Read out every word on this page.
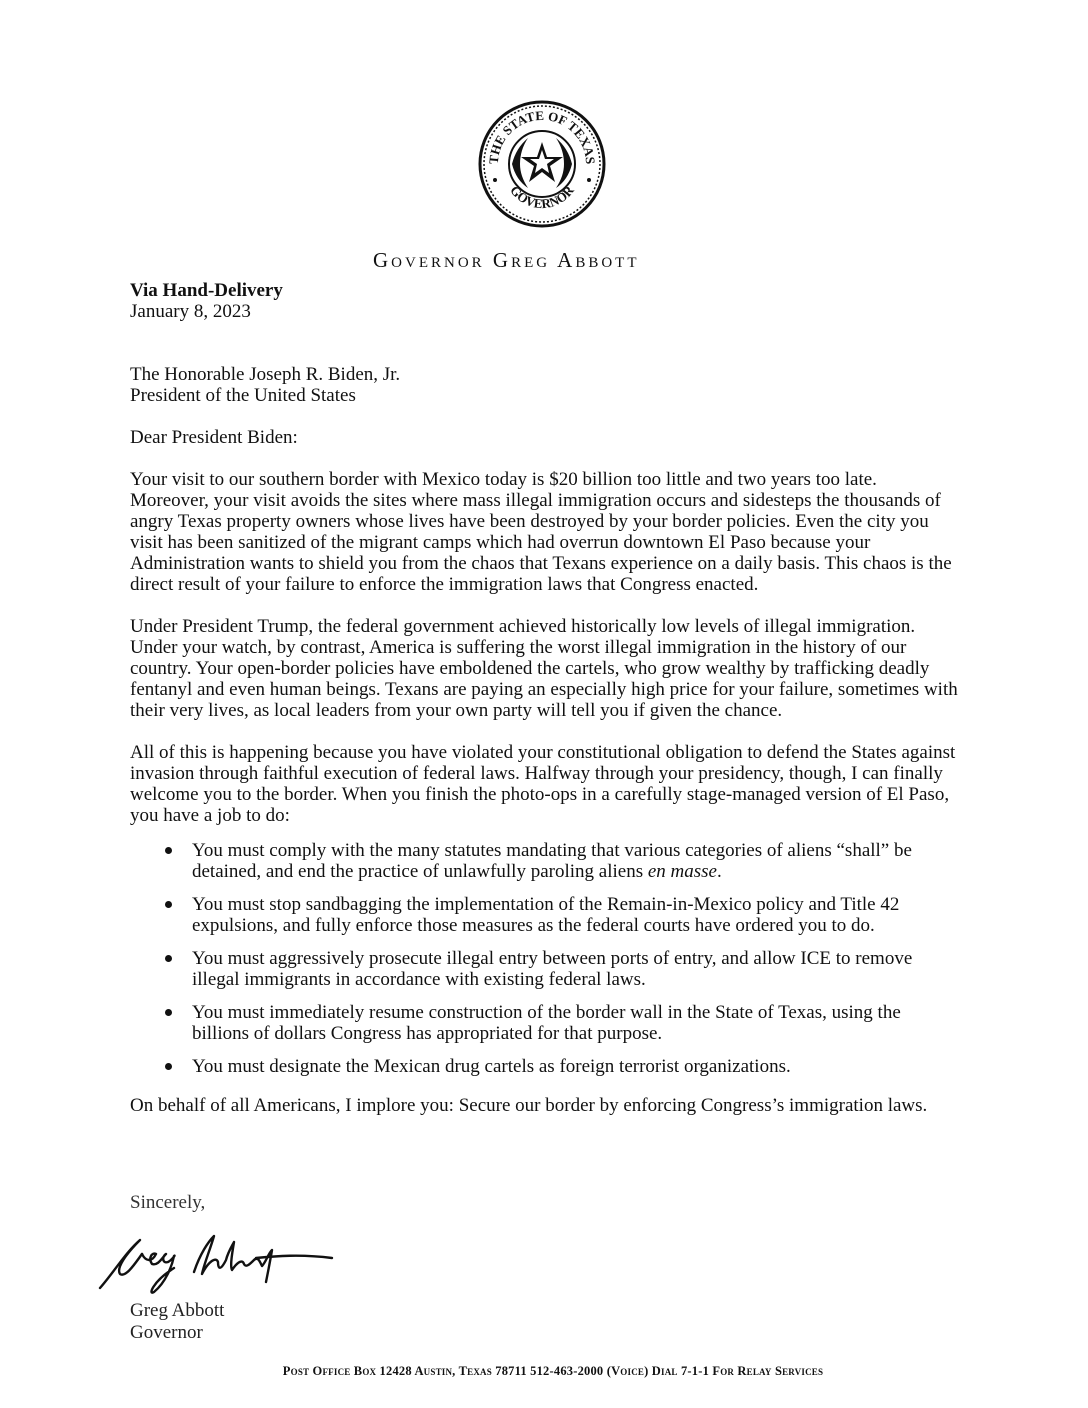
THE STATE OF TEXAS
GOVERNOR
Governor Greg Abbott

Via Hand-Delivery

January 8, 2023

The Honorable Joseph R. Biden, Jr.

President of the United States

Dear President Biden:

Your visit to our southern border with Mexico today is $20 billion too little and two years too late. Moreover, your visit avoids the sites where mass illegal immigration occurs and sidesteps the thousands of angry Texas property owners whose lives have been destroyed by your border policies. Even the city you visit has been sanitized of the migrant camps which had overrun downtown El Paso because your Administration wants to shield you from the chaos that Texans experience on a daily basis. This chaos is the direct result of your failure to enforce the immigration laws that Congress enacted.

Under President Trump, the federal government achieved historically low levels of illegal immigration. Under your watch, by contrast, America is suffering the worst illegal immigration in the history of our country. Your open-border policies have emboldened the cartels, who grow wealthy by trafficking deadly fentanyl and even human beings. Texans are paying an especially high price for your failure, sometimes with their very lives, as local leaders from your own party will tell you if given the chance.

All of this is happening because you have violated your constitutional obligation to defend the States against invasion through faithful execution of federal laws. Halfway through your presidency, though, I can finally welcome you to the border. When you finish the photo-ops in a carefully stage-managed version of El Paso, you have a job to do:

You must comply with the many statutes mandating that various categories of aliens “shall” be detained, and end the practice of unlawfully paroling aliens en masse.
You must stop sandbagging the implementation of the Remain-in-Mexico policy and Title 42 expulsions, and fully enforce those measures as the federal courts have ordered you to do.
You must aggressively prosecute illegal entry between ports of entry, and allow ICE to remove illegal immigrants in accordance with existing federal laws.
You must immediately resume construction of the border wall in the State of Texas, using the billions of dollars Congress has appropriated for that purpose.
You must designate the Mexican drug cartels as foreign terrorist organizations.

On behalf of all Americans, I implore you: Secure our border by enforcing Congress’s immigration laws.

Sincerely,
Greg Abbott
Governor
Post Office Box 12428 Austin, Texas 78711 512-463-2000 (Voice) Dial 7-1-1 For Relay Services
